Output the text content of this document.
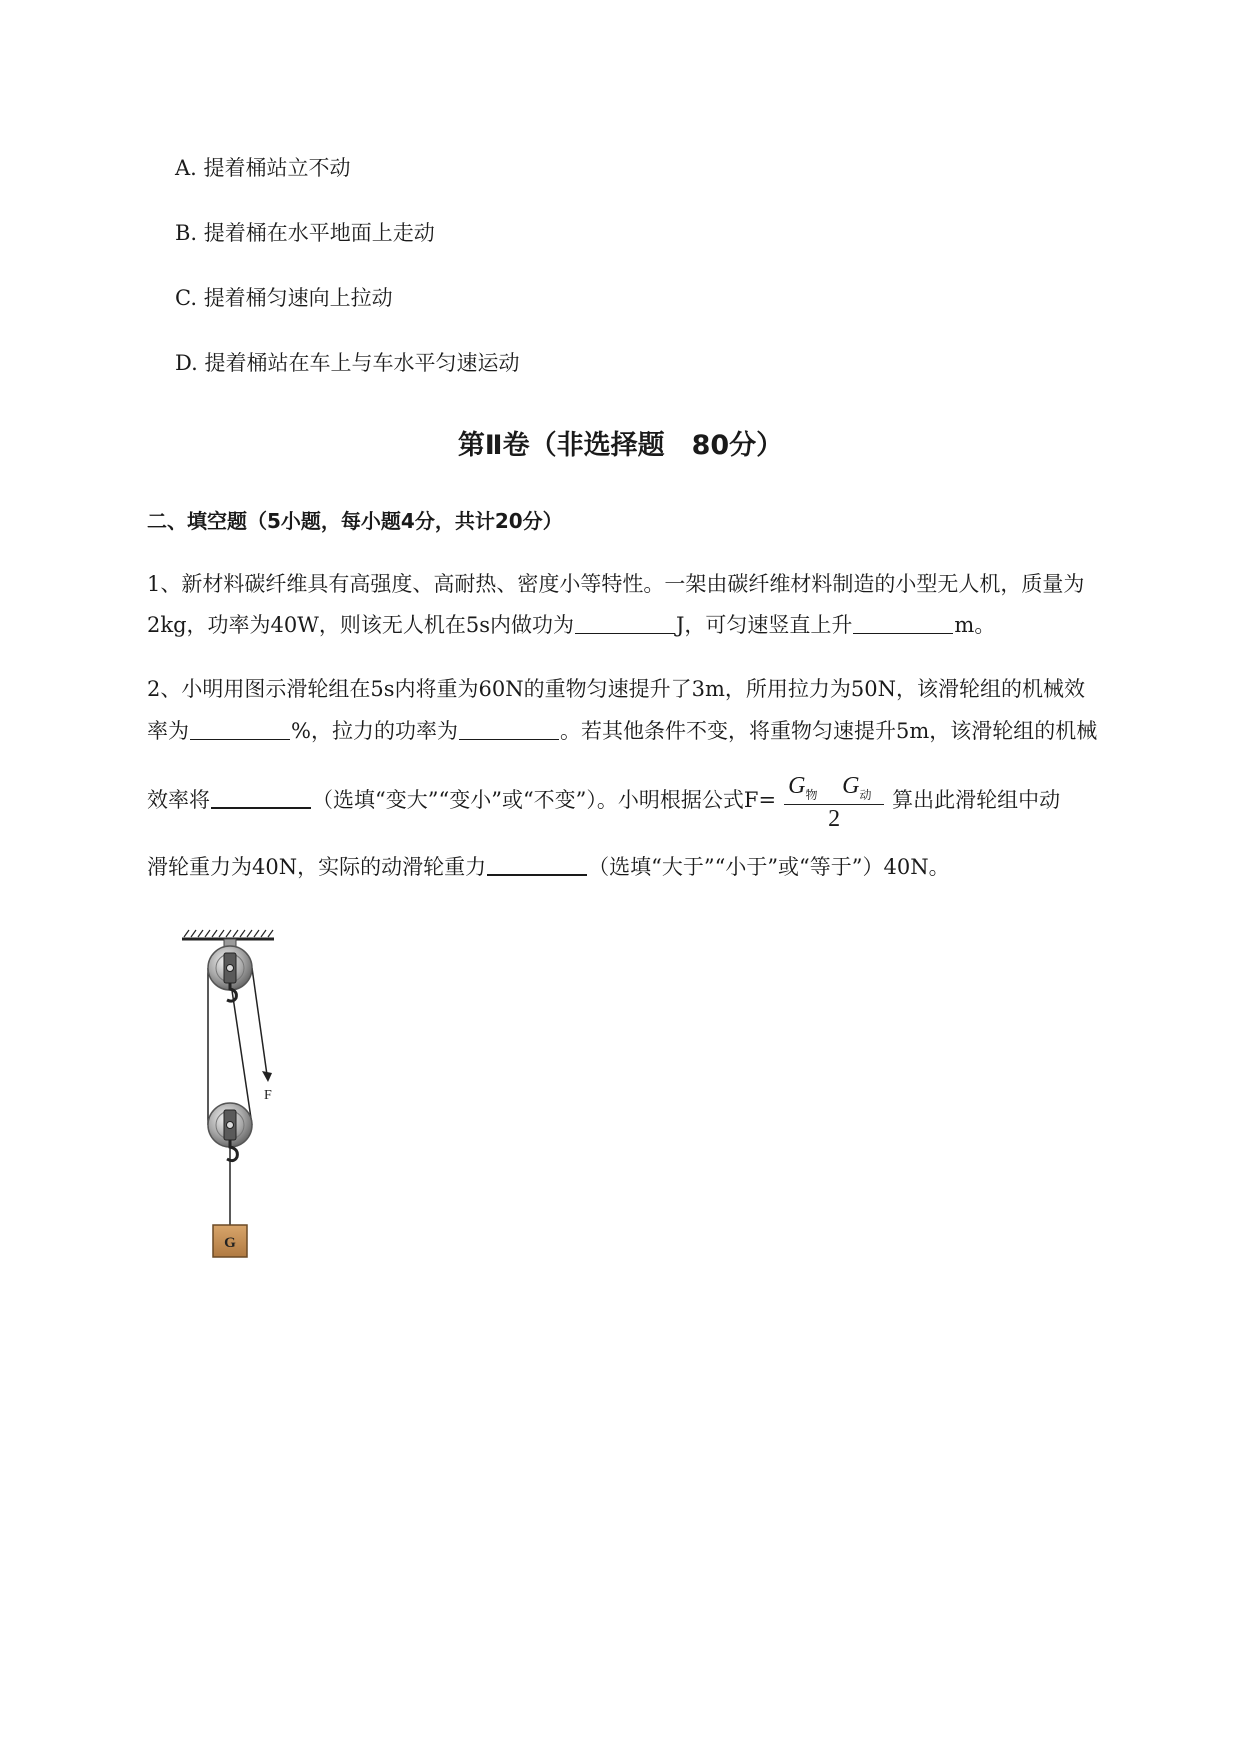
A. 提着桶站立不动
B. 提着桶在水平地面上走动
C. 提着桶匀速向上拉动
D. 提着桶站在车上与车水平匀速运动
第Ⅱ卷（非选择题　80分）
二、填空题（5小题，每小题4分，共计20分）
1、新材料碳纤维具有高强度、高耐热、密度小等特性。一架由碳纤维材料制造的小型无人机，质量为
2kg，功率为40W，则该无人机在5s内做功为	J，可匀速竖直上升	m。
2、小明用图示滑轮组在5s内将重为60N的重物匀速提升了3m，所用拉力为50N，该滑轮组的机械效
率为	%，拉力的功率为	。若其他条件不变，将重物匀速提升5m，该滑轮组的机械
效率将	（选填“变大”“变小”或“不变”）。小明根据公式$F= \frac{G_物 G_动}{2}$ 算出此滑轮组中动
滑轮重力为40N，实际的动滑轮重力	（选填“大于”“小于”或“等于”）40N。
F
G
